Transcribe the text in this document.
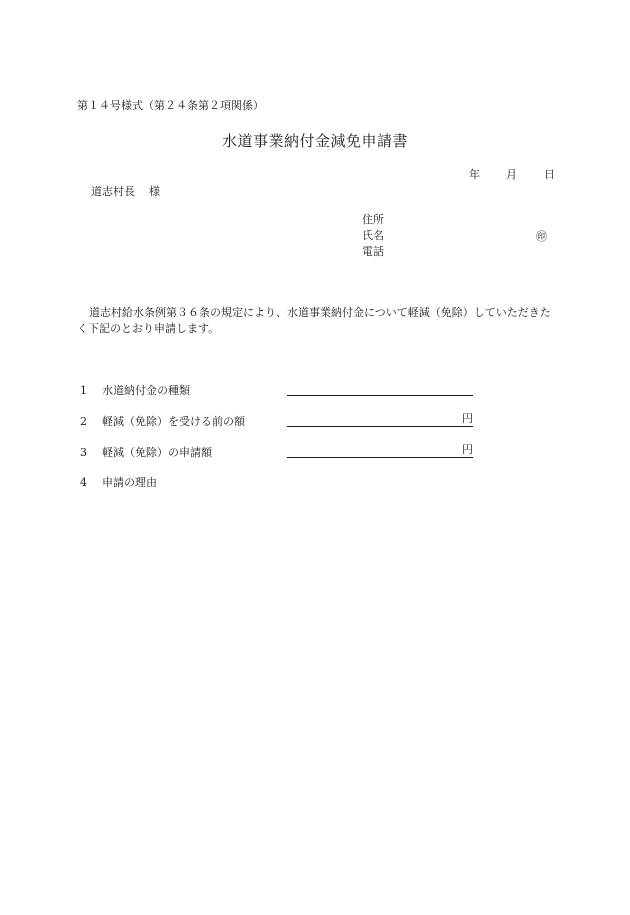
第１４号様式（第２４条第２項関係）
水道事業納付金減免申請書
年 月 日
道志村長 様
住所
氏名
電話
㊞
道志村給水条例第３６条の規定により、水道事業納付金について軽減（免除）していただきたく下記のとおり申請します。
1 水道納付金の種類
2 軽減（免除）を受ける前の額	円
3 軽減（免除）の申請額	円
4 申請の理由
